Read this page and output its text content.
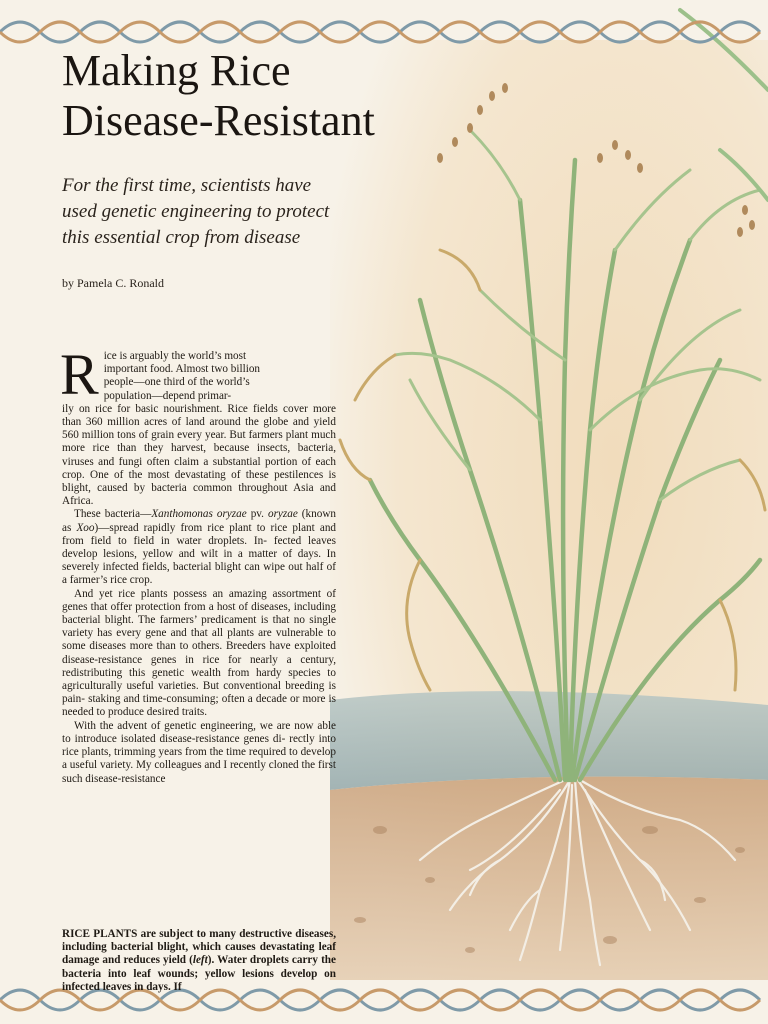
Making Rice
Disease-Resistant

For the first time, scientists have
used genetic engineering to protect
this essential crop from disease

by Pamela C. Ronald

R ice is arguably the world’s most
important food. Almost two billion
people—one third of the world’s
population—depend primar-
ily on rice for basic nourishment. Rice fields cover more than 360 million acres of land around the globe and yield 560 million tons of grain every year. But farmers plant much more rice than they harvest, because insects, bacteria, viruses and fungi often claim a substantial portion of each crop. One of the most devastating of these pestilences is blight, caused by bacteria common throughout Asia and Africa.

These bacteria—Xanthomonas oryzae pv. oryzae (known as Xoo)—spread rapidly from rice plant to rice plant and from field to field in water droplets. In- fected leaves develop lesions, yellow and wilt in a matter of days. In severely infected fields, bacterial blight can wipe out half of a farmer’s rice crop.

And yet rice plants possess an amazing assortment of genes that offer protection from a host of diseases, including bacterial blight. The farmers’ predicament is that no single variety has every gene and that all plants are vulnerable to some diseases more than to others. Breeders have exploited disease-resistance genes in rice for nearly a century, redistributing this genetic wealth from hardy species to agriculturally useful varieties. But conventional breeding is pain- staking and time-consuming; often a decade or more is needed to produce desired traits.

With the advent of genetic engineering, we are now able to introduce isolated disease-resistance genes di- rectly into rice plants, trimming years from the time required to develop a useful variety. My colleagues and I recently cloned the first such disease-resistance

RICE PLANTS are subject to many destructive diseases, including bacterial blight, which causes devastating leaf damage and reduces yield (left). Water droplets carry the bacteria into leaf wounds; yellow lesions develop on infected leaves in days. If
